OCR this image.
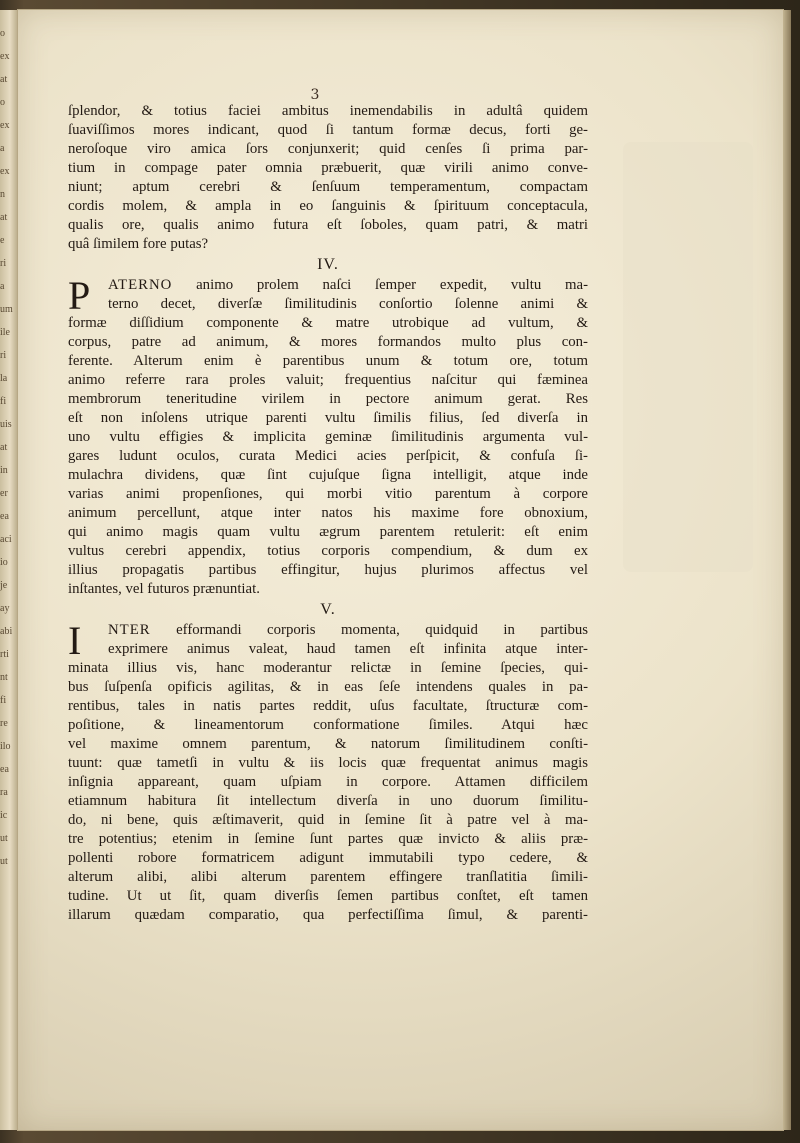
o
ex
at
o
ex
a
ex
n
at
e
ri
a
um
ile
ri
la
fi
uis
at
in
er
ea
aci
io
je
ay
abi
rti
nt
fi
re
ilo
ea
ra
ic
ut
ut
3
ſplendor, & totius faciei ambitus inemendabilis in adultâ quidem
ſuaviſſimos mores indicant, quod ſi tantum formæ decus, forti ge-
neroſoque viro amica ſors conjunxerit; quid cenſes ſi prima par-
tium in compage pater omnia præbuerit, quæ virili animo conve-
niunt; aptum cerebri & ſenſuum temperamentum, compactam
cordis molem, & ampla in eo ſanguinis & ſpirituum conceptacula,
qualis ore, qualis animo futura eſt ſoboles, quam patri, & matri
quâ ſimilem fore putas?
IV.
P	ATERNO animo prolem naſci ſemper expedit, vultu ma-
terno decet, diverſæ ſimilitudinis conſortio ſolenne animi &
formæ diſſidium componente & matre utrobique ad vultum, &
corpus, patre ad animum, & mores formandos multo plus con-
ferente. Alterum enim è parentibus unum & totum ore, totum
animo referre rara proles valuit; frequentius naſcitur qui fæminea
membrorum teneritudine virilem in pectore animum gerat. Res
eſt non inſolens utrique parenti vultu ſimilis filius, ſed diverſa in
uno vultu effigies & implicita geminæ ſimilitudinis argumenta vul-
gares ludunt oculos, curata Medici acies perſpicit, & confuſa ſi-
mulachra dividens, quæ ſint cujuſque ſigna intelligit, atque inde
varias animi propenſiones, qui morbi vitio parentum à corpore
animum percellunt, atque inter natos his maxime fore obnoxium,
qui animo magis quam vultu ægrum parentem retulerit: eſt enim
vultus cerebri appendix, totius corporis compendium, & dum ex
illius propagatis partibus effingitur, hujus plurimos affectus vel
inſtantes, vel futuros prænuntiat.
V.
I	NTER efformandi corporis momenta, quidquid in partibus
exprimere animus valeat, haud tamen eſt infinita atque inter-
minata illius vis, hanc moderantur relictæ in ſemine ſpecies, qui-
bus ſuſpenſa opificis agilitas, & in eas ſeſe intendens quales in pa-
rentibus, tales in natis partes reddit, uſus facultate, ſtructuræ com-
poſitione, & lineamentorum conformatione ſimiles. Atqui hæc
vel maxime omnem parentum, & natorum ſimilitudinem conſti-
tuunt: quæ tametſi in vultu & iis locis quæ frequentat animus magis
inſignia appareant, quam uſpiam in corpore. Attamen difficilem
etiamnum habitura ſit intellectum diverſa in uno duorum ſimilitu-
do, ni bene, quis æſtimaverit, quid in ſemine ſit à patre vel à ma-
tre potentius; etenim in ſemine ſunt partes quæ invicto & aliis præ-
pollenti robore formatricem adigunt immutabili typo cedere, &
alterum alibi, alibi alterum parentem effingere tranſlatitia ſimili-
tudine. Ut ut ſit, quam diverſis ſemen partibus conſtet, eſt tamen
illarum quædam comparatio, qua perfectiſſima ſimul, & parenti-
